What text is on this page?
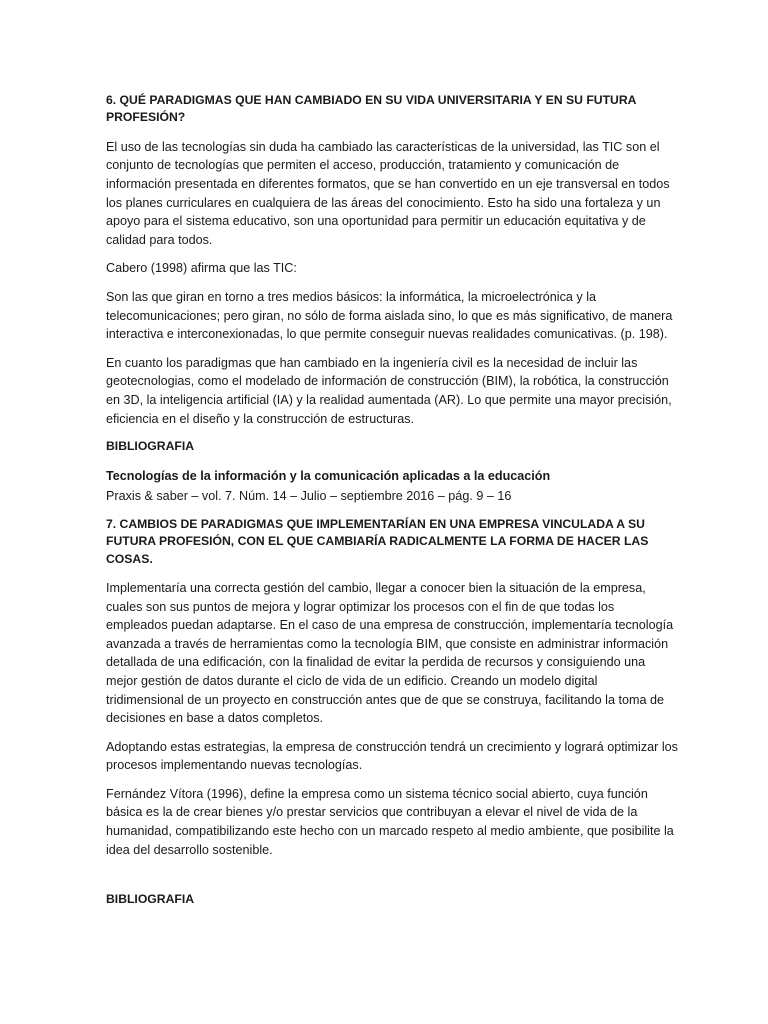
6. QUÉ PARADIGMAS QUE HAN CAMBIADO EN SU VIDA UNIVERSITARIA Y EN SU FUTURA PROFESIÓN?
El uso de las tecnologías sin duda ha cambiado las características de la universidad, las TIC son el conjunto de tecnologías que permiten el acceso, producción, tratamiento y comunicación de información presentada en diferentes formatos, que se han convertido en un eje transversal en todos los planes curriculares en cualquiera de las áreas del conocimiento. Esto ha sido una fortaleza y un apoyo para el sistema educativo, son una oportunidad para permitir un educación equitativa y de calidad para todos.
Cabero (1998) afirma que las TIC:
Son las que giran en torno a tres medios básicos: la informática, la microelectrónica y la telecomunicaciones; pero giran, no sólo de forma aislada sino, lo que es más significativo, de manera interactiva e interconexionadas, lo que permite conseguir nuevas realidades comunicativas. (p. 198).
En cuanto los paradigmas que han cambiado en la ingeniería civil es la necesidad de incluir las geotecnologias, como el modelado de información de construcción (BIM), la robótica, la construcción en 3D, la inteligencia artificial (IA) y la realidad aumentada (AR). Lo que permite una mayor precisión, eficiencia en el diseño y la construcción de estructuras.
BIBLIOGRAFIA
Tecnologías de la información y la comunicación aplicadas a la educación
Praxis & saber – vol. 7. Núm. 14 – Julio – septiembre 2016 – pág. 9 – 16
7. CAMBIOS DE PARADIGMAS QUE IMPLEMENTARÍAN EN UNA EMPRESA VINCULADA A SU FUTURA PROFESIÓN, CON EL QUE CAMBIARÍA RADICALMENTE LA FORMA DE HACER LAS COSAS.
Implementaría una correcta gestión del cambio, llegar a conocer bien la situación de la empresa, cuales son sus puntos de mejora y lograr optimizar los procesos con el fin de que todas los empleados puedan adaptarse. En el caso de una empresa de construcción, implementaría tecnología avanzada a través de herramientas como la tecnología BIM, que consiste en administrar información detallada de una edificación, con la finalidad de evitar la perdida de recursos y consiguiendo una mejor gestión de datos durante el ciclo de vida de un edificio. Creando un modelo digital tridimensional de un proyecto en construcción antes que de que se construya, facilitando la toma de decisiones en base a datos completos.
Adoptando estas estrategias, la empresa de construcción tendrá un crecimiento y logrará optimizar los procesos implementando nuevas tecnologías.
Fernández Vítora (1996), define la empresa como un sistema técnico social abierto, cuya función básica es la de crear bienes y/o prestar servicios que contribuyan a elevar el nivel de vida de la humanidad, compatibilizando este hecho con un marcado respeto al medio ambiente, que posibilite la idea del desarrollo sostenible.
BIBLIOGRAFIA
